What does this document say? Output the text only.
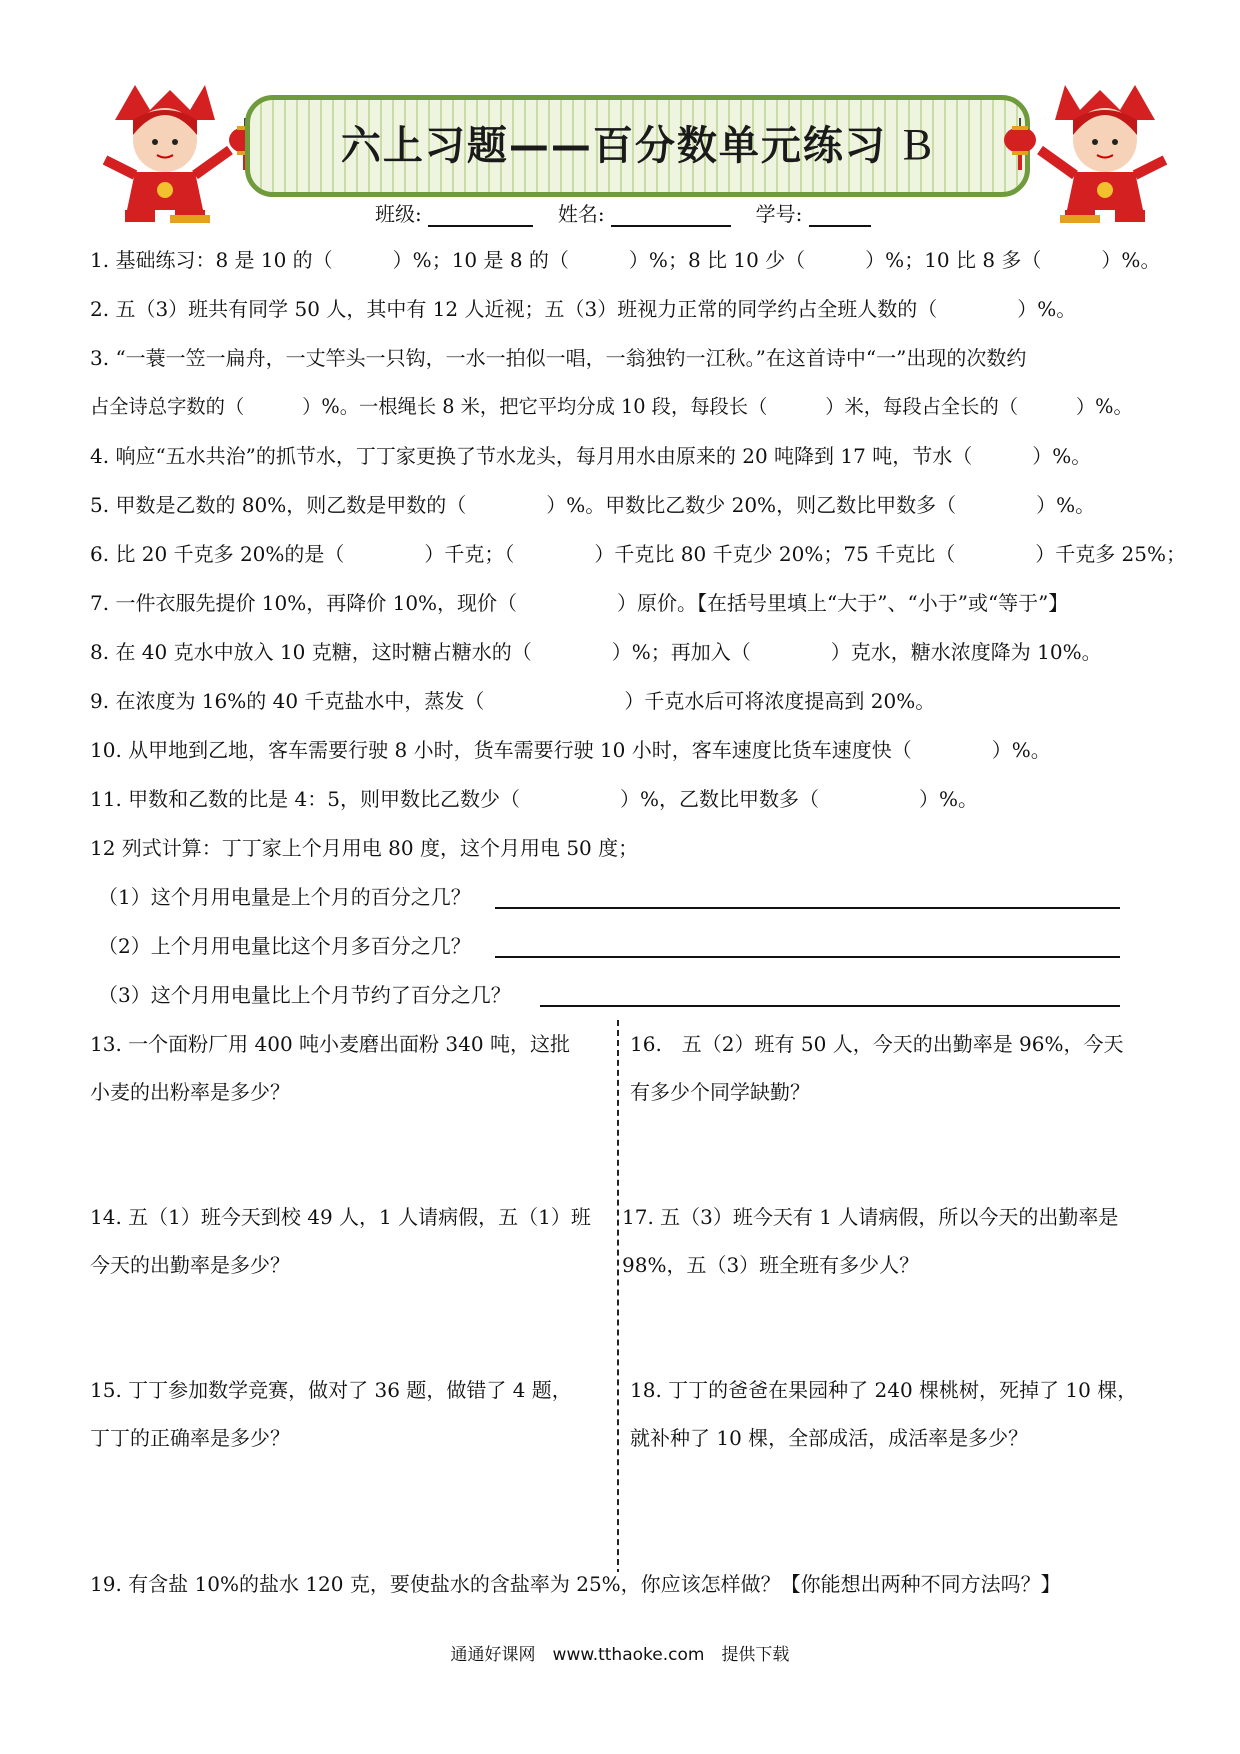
六上习题——百分数单元练习 B
班级:	姓名:	学号:
1. 基础练习：8 是 10 的（　　　）%；10 是 8 的（　　　）%；8 比 10 少（　　　）%；10 比 8 多（　　　）%。
2. 五（3）班共有同学 50 人，其中有 12 人近视；五（3）班视力正常的同学约占全班人数的（　　　　）%。
3. “一蓑一笠一扁舟，一丈竿头一只钩，一水一拍似一唱，一翁独钓一江秋。”在这首诗中“一”出现的次数约
占全诗总字数的（　　　）%。一根绳长 8 米，把它平均分成 10 段，每段长（　　　）米，每段占全长的（　　　）%。
4. 响应“五水共治”的抓节水，丁丁家更换了节水龙头，每月用水由原来的 20 吨降到 17 吨，节水（　　　）%。
5. 甲数是乙数的 80%，则乙数是甲数的（　　　　）%。甲数比乙数少 20%，则乙数比甲数多（　　　　）%。
6. 比 20 千克多 20%的是（　　　　）千克；（　　　　）千克比 80 千克少 20%；75 千克比（　　　　）千克多 25%；
7. 一件衣服先提价 10%，再降价 10%，现价（　　　　　）原价。【在括号里填上“大于”、“小于”或“等于”】
8. 在 40 克水中放入 10 克糖，这时糖占糖水的（　　　　）%；再加入（　　　　）克水，糖水浓度降为 10%。
9. 在浓度为 16%的 40 千克盐水中，蒸发（　　　　　　　）千克水后可将浓度提高到 20%。
10. 从甲地到乙地，客车需要行驶 8 小时，货车需要行驶 10 小时，客车速度比货车速度快（　　　　）%。
11. 甲数和乙数的比是 4：5，则甲数比乙数少（　　　　　）%，乙数比甲数多（　　　　　）%。
12 列式计算：丁丁家上个月用电 80 度，这个月用电 50 度；
（1）这个月用电量是上个月的百分之几？
（2）上个月用电量比这个月多百分之几？
（3）这个月用电量比上个月节约了百分之几？
13. 一个面粉厂用 400 吨小麦磨出面粉 340 吨，这批
小麦的出粉率是多少？
14. 五（1）班今天到校 49 人，1 人请病假，五（1）班
今天的出勤率是多少？
15. 丁丁参加数学竞赛，做对了 36 题，做错了 4 题，
丁丁的正确率是多少？
16.　五（2）班有 50 人，今天的出勤率是 96%，今天
有多少个同学缺勤？
17. 五（3）班今天有 1 人请病假，所以今天的出勤率是
98%，五（3）班全班有多少人？
18. 丁丁的爸爸在果园种了 240 棵桃树，死掉了 10 棵，
就补种了 10 棵，全部成活，成活率是多少？
19. 有含盐 10%的盐水 120 克，要使盐水的含盐率为 25%，你应该怎样做？【你能想出两种不同方法吗？】
通通好课网　www.tthaoke.com　提供下载
